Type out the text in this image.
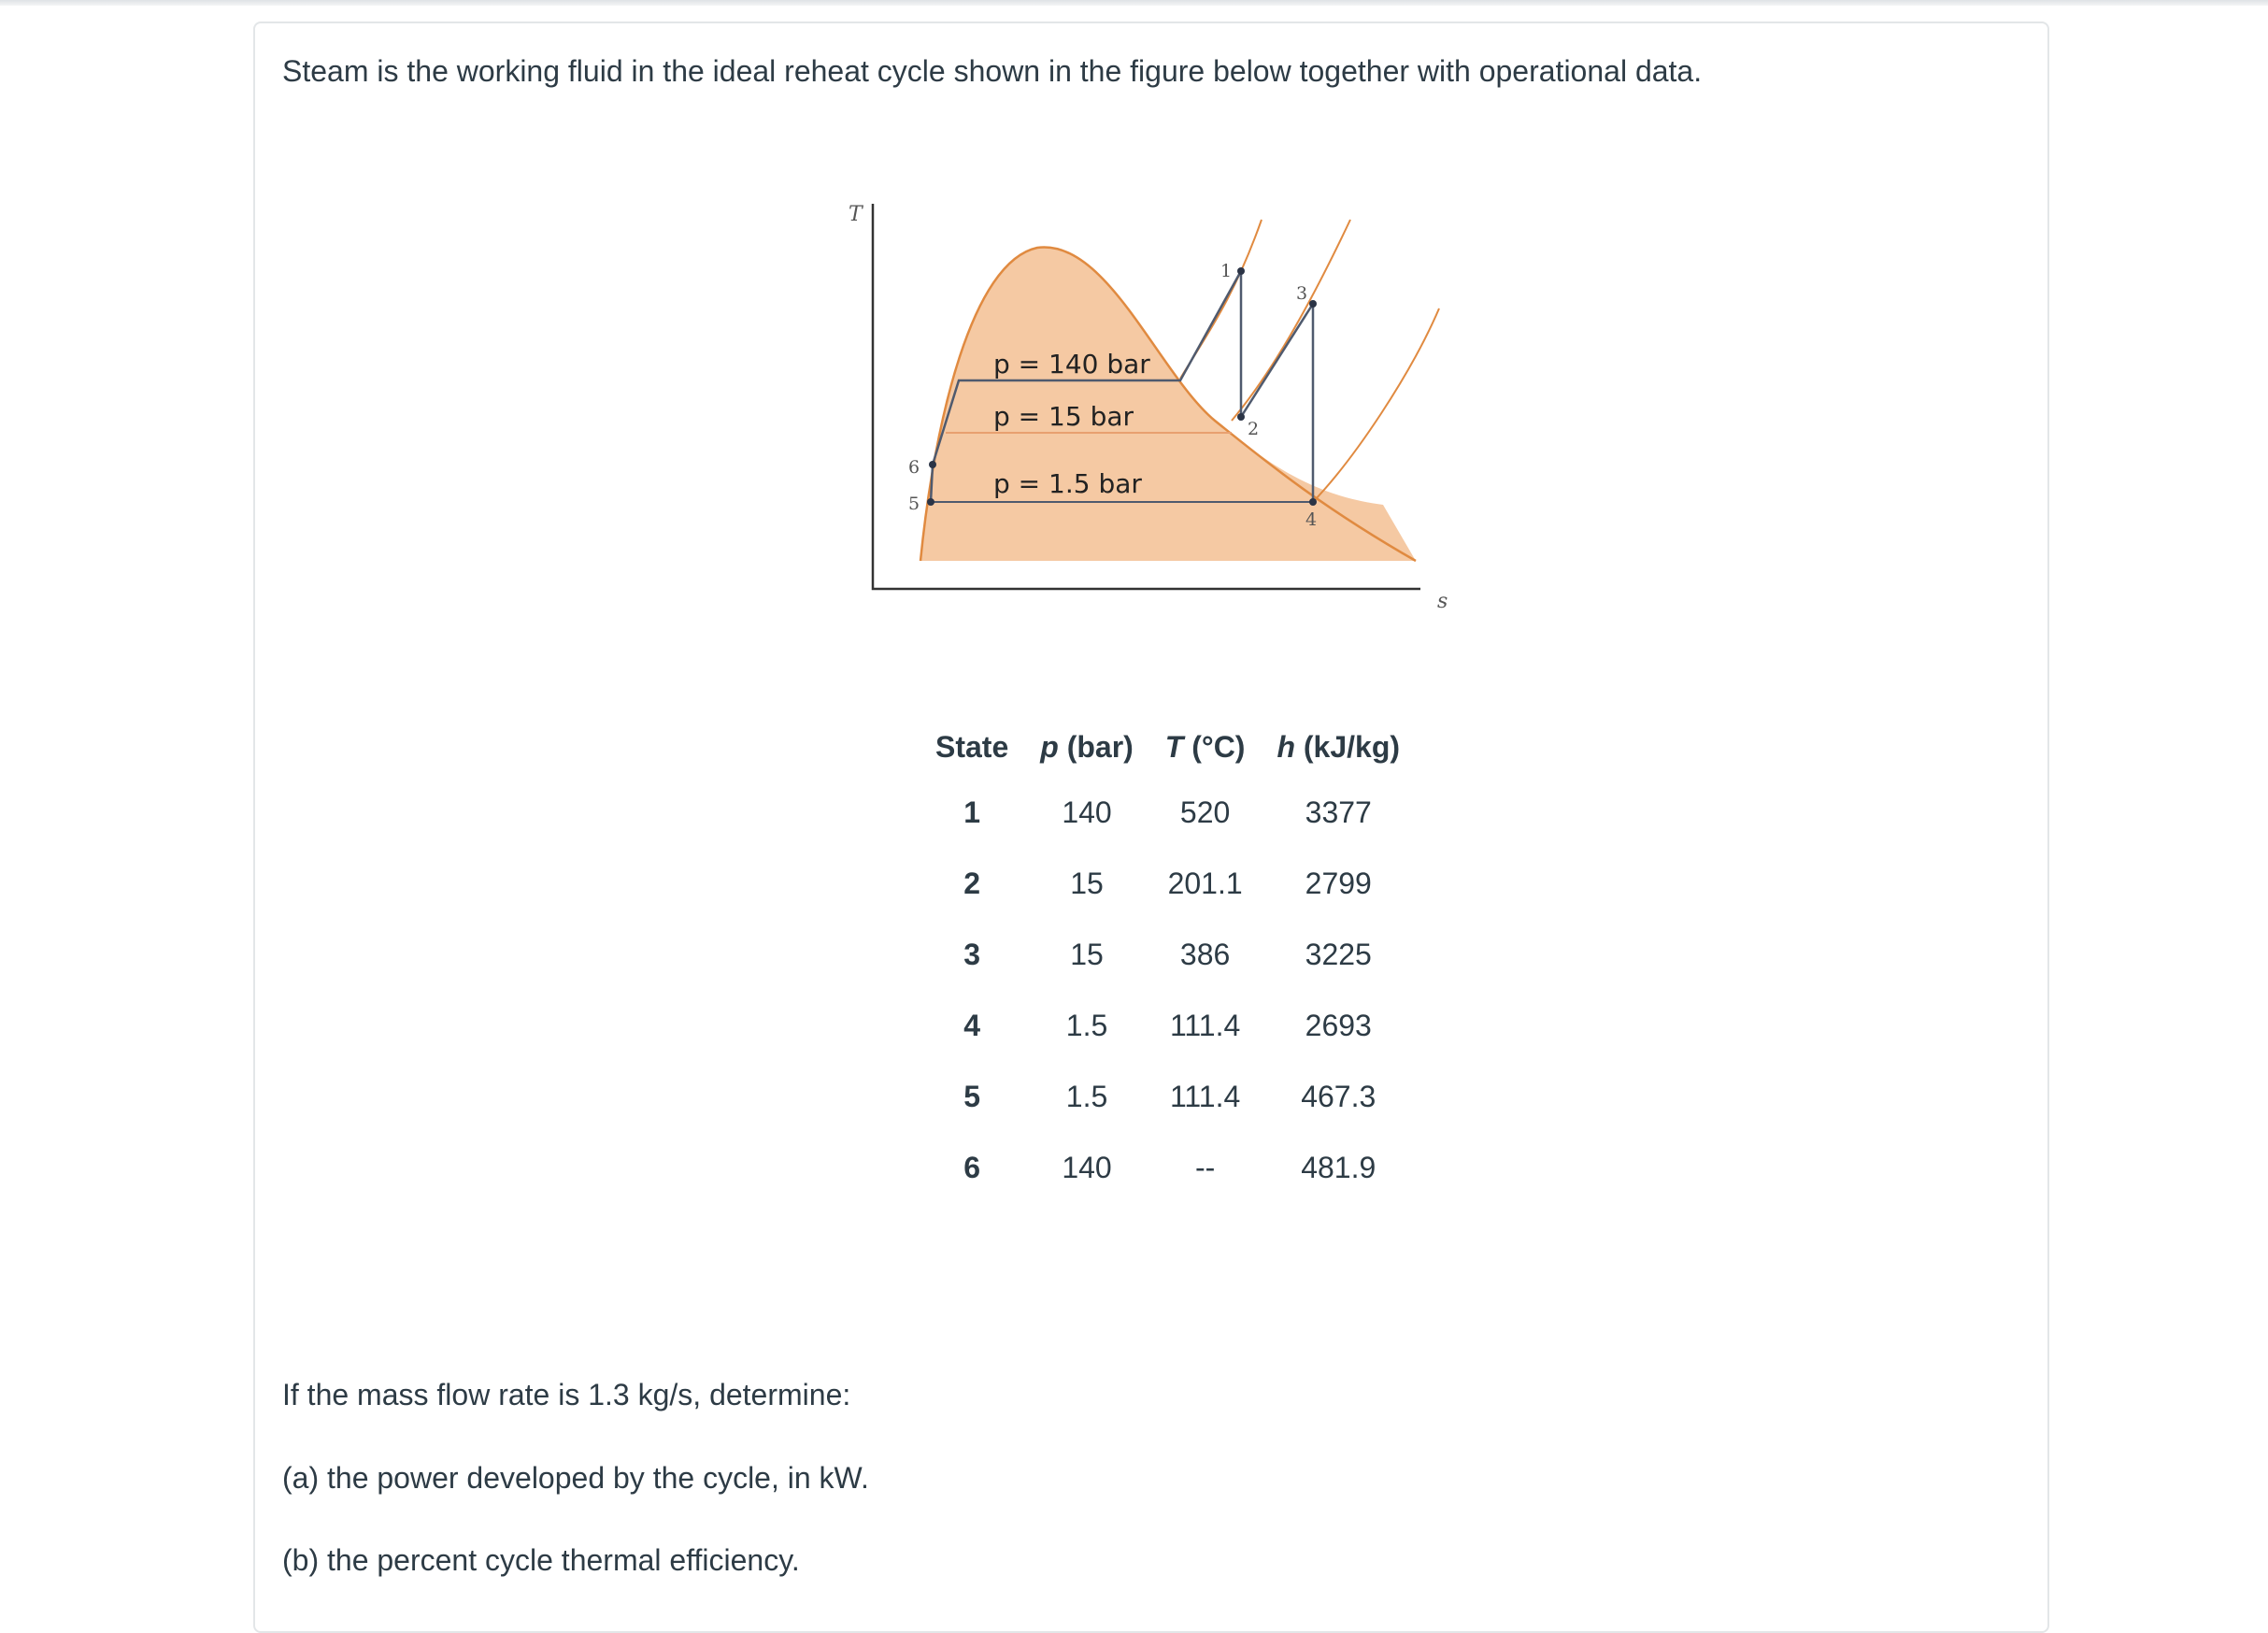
Steam is the working fluid in the ideal reheat cycle shown in the figure below together with operational data.
T
s
p = 140 bar
p = 15 bar
p = 1.5 bar
1
2
3
4
5
6
State	p (bar)	T (°C)	h (kJ/kg)
1	140	520	3377
2	15	201.1	2799
3	15	386	3225
4	1.5	111.4	2693
5	1.5	111.4	467.3
6	140	--	481.9
If the mass flow rate is 1.3 kg/s, determine:
(a) the power developed by the cycle, in kW.
(b) the percent cycle thermal efficiency.
